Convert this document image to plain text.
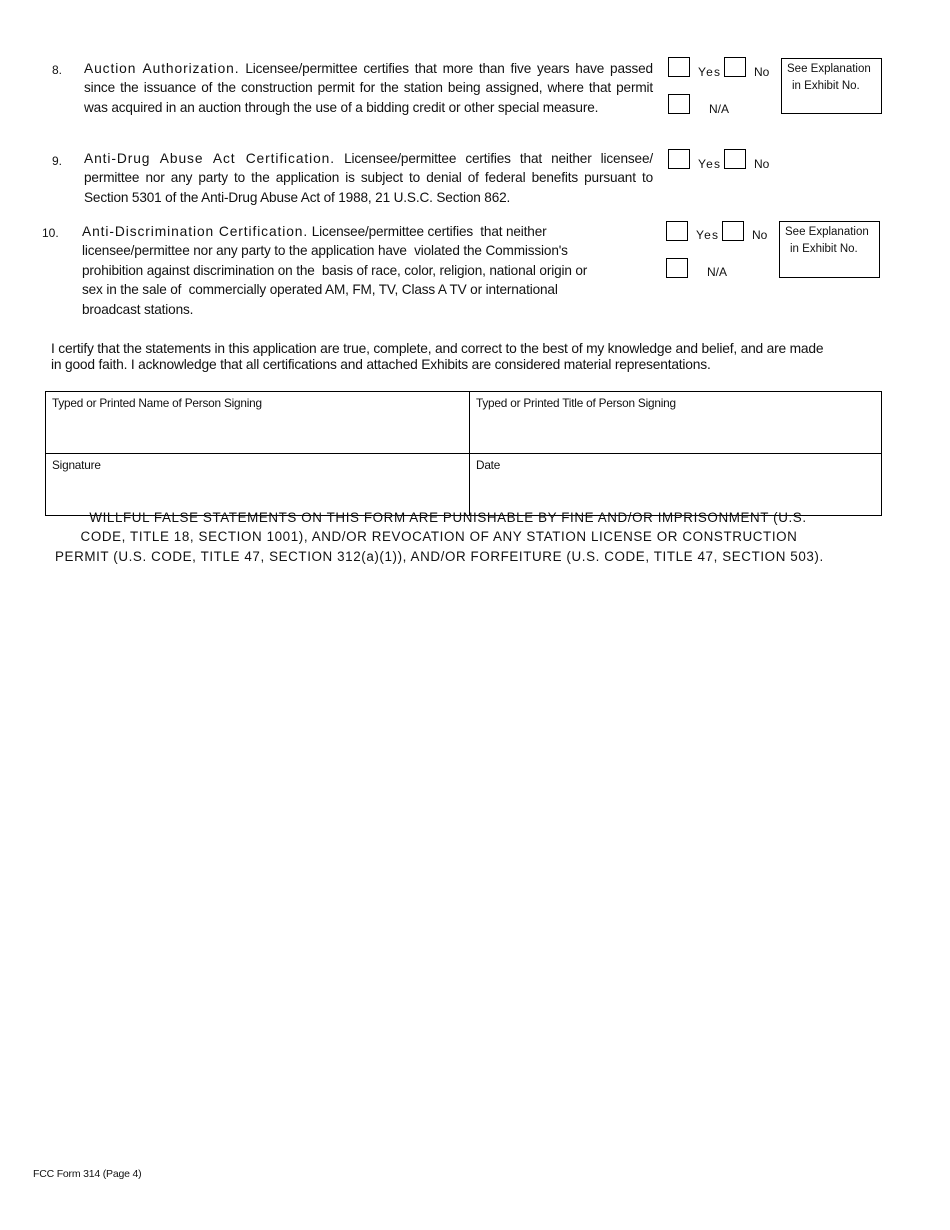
8. Auction Authorization. Licensee/permittee certifies that more than five years have passed since the issuance of the construction permit for the station being assigned, where that permit was acquired in an auction through the use of a bidding credit or other special measure.
Yes	No
N/A
See Explanation
in Exhibit No.
9. Anti-Drug Abuse Act Certification. Licensee/permittee certifies that neither licensee/ permittee nor any party to the application is subject to denial of federal benefits pursuant to Section 5301 of the Anti-Drug Abuse Act of 1988, 21 U.S.C. Section 862.
Yes	No
10. Anti-Discrimination Certification. Licensee/permittee certifies  that neither
licensee/permittee nor any party to the application have  violated the Commission's
prohibition against discrimination on the  basis of race, color, religion, national origin or
sex in the sale of  commercially operated AM, FM, TV, Class A TV or international
broadcast stations.
Yes	No
N/A
See Explanation
in Exhibit No.
I certify that the statements in this application are true, complete, and correct to the best of my knowledge and belief, and are made
in good faith. I acknowledge that all certifications and attached Exhibits are considered material representations.
Typed or Printed Name of Person Signing	Typed or Printed Title of Person Signing
Signature	Date
WILLFUL FALSE STATEMENTS ON THIS FORM ARE PUNISHABLE BY FINE AND/OR IMPRISONMENT (U.S.
CODE, TITLE 18, SECTION 1001), AND/OR REVOCATION OF ANY STATION LICENSE OR CONSTRUCTION
PERMIT (U.S. CODE, TITLE 47, SECTION 312(a)(1)), AND/OR FORFEITURE (U.S. CODE, TITLE 47, SECTION 503).
FCC Form 314 (Page 4)
